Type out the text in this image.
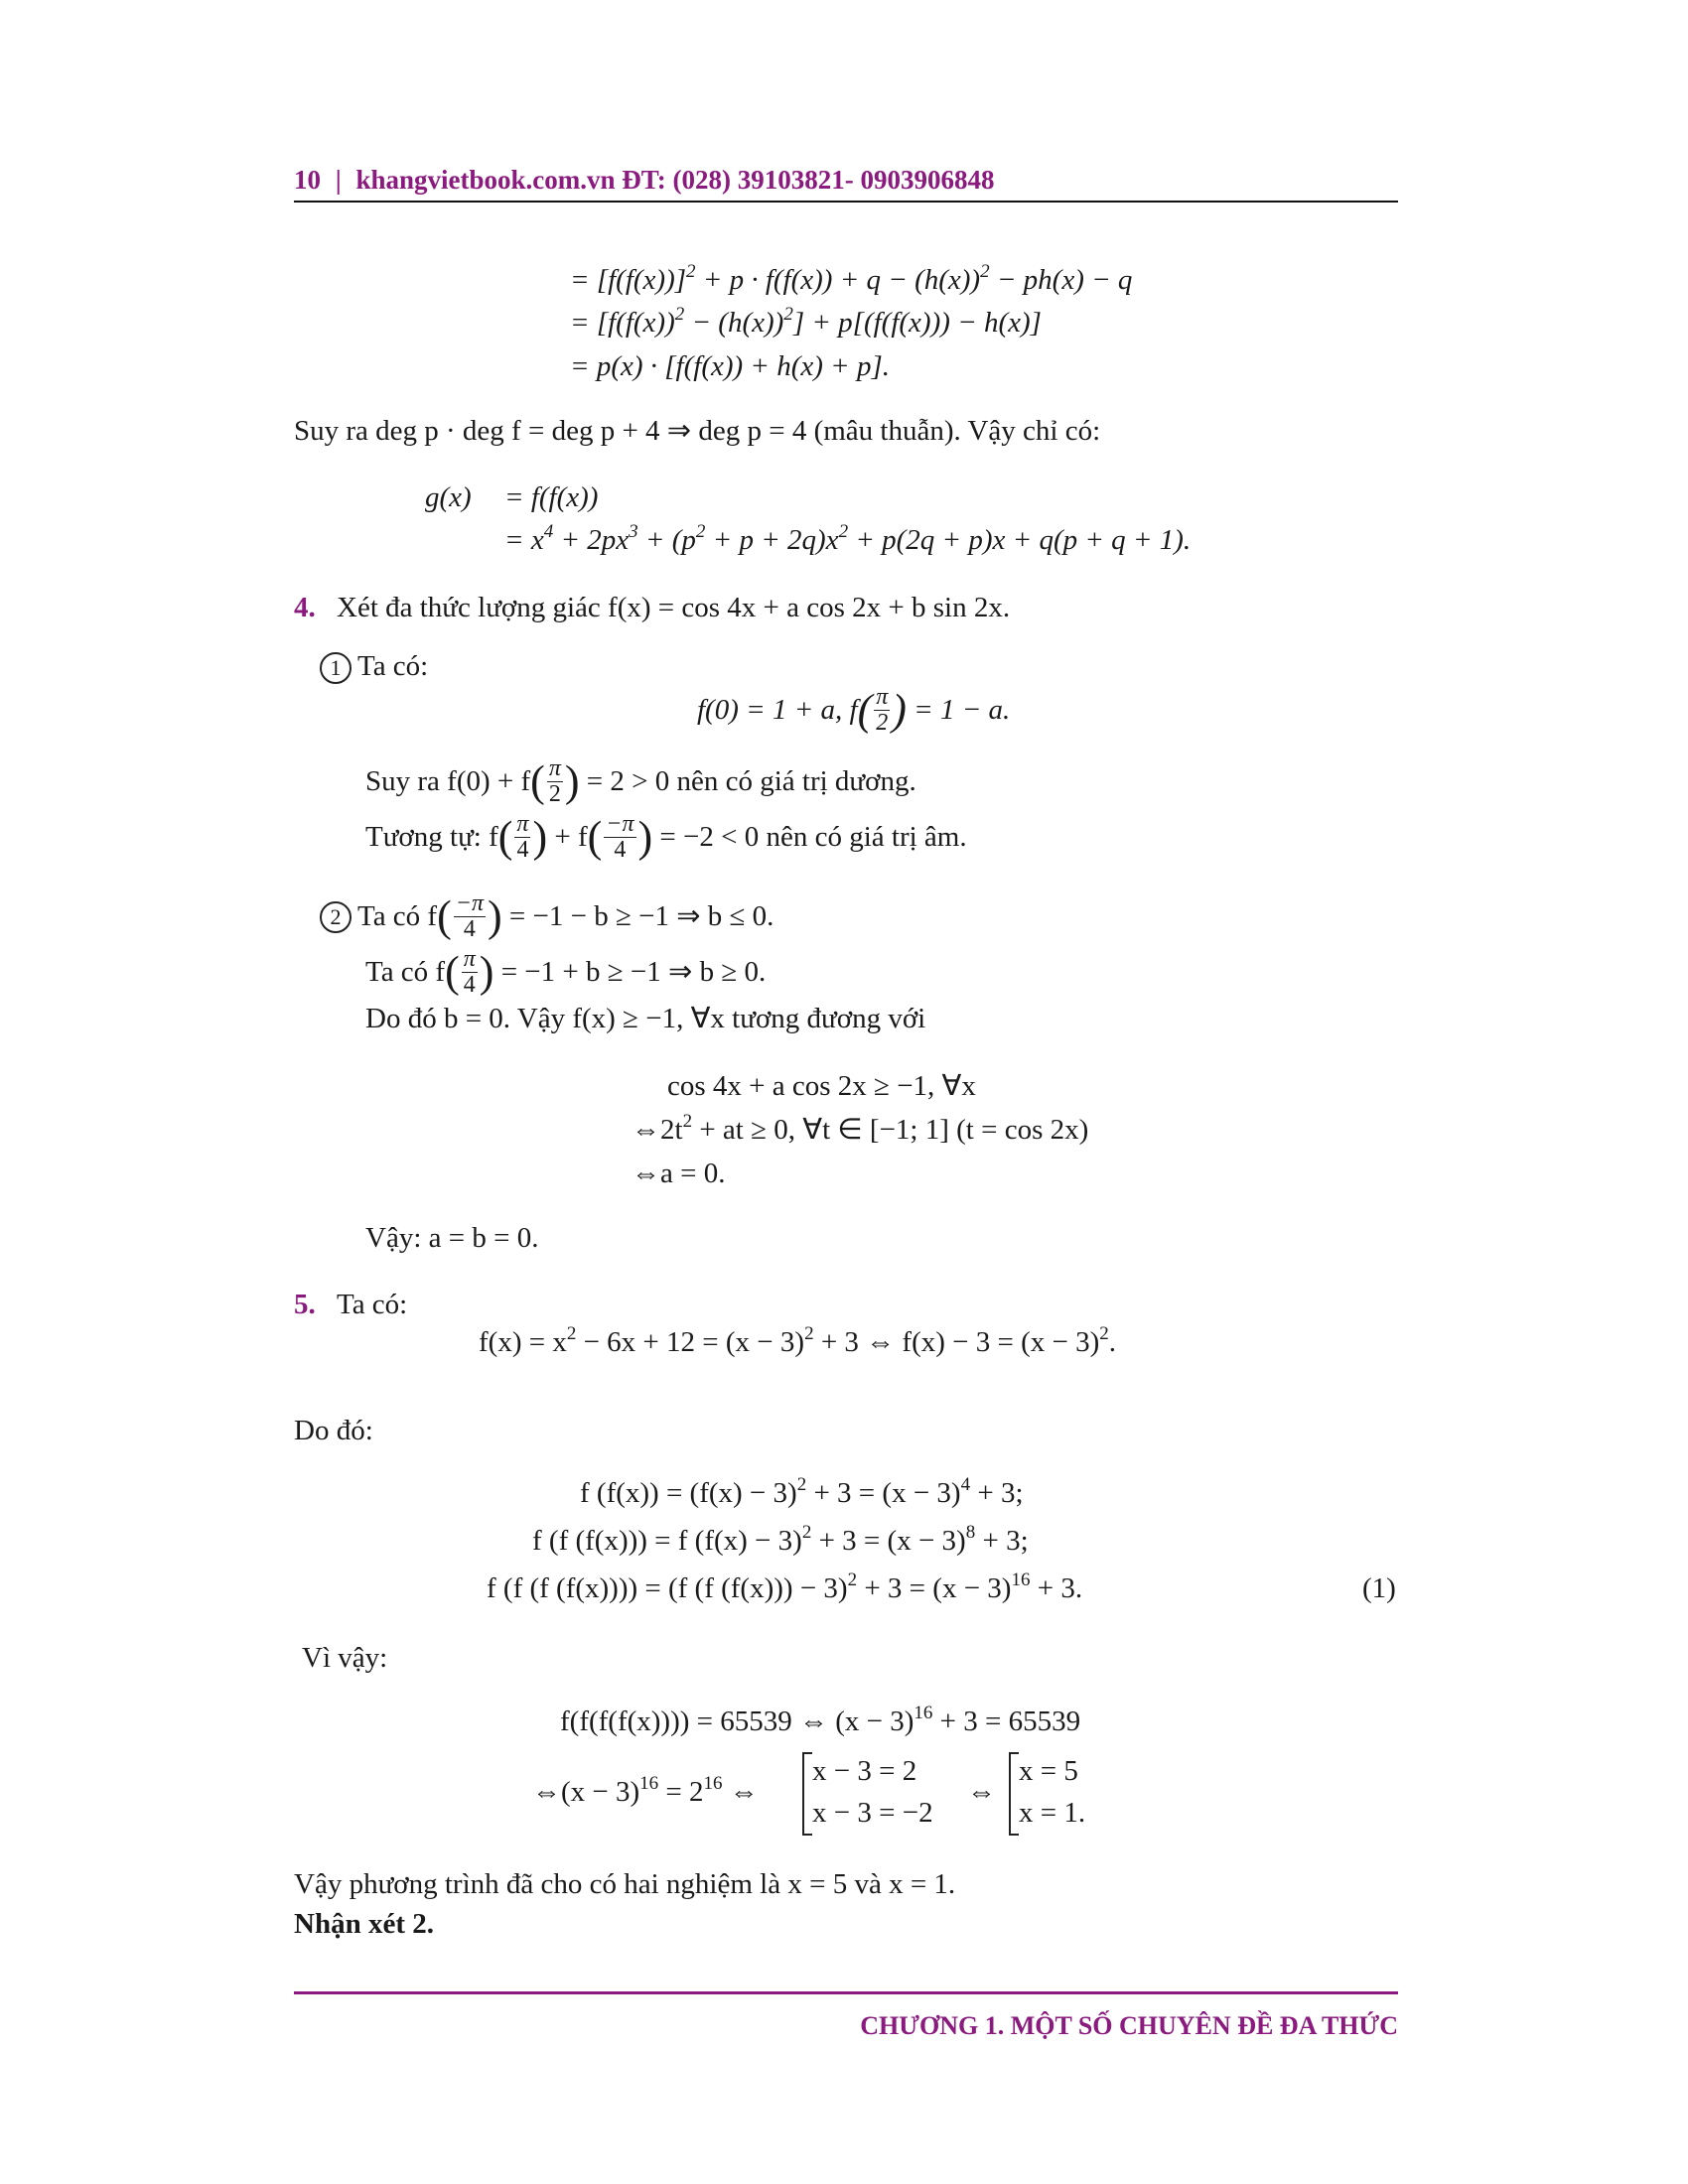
10 | khangvietbook.com.vn ĐT: (028) 39103821- 0903906848
= $[f(f(x))]^2 + p \cdot f(f(x)) + q - (h(x))^2 - ph(x) - q$
= $[f(f(x))^2 - (h(x))^2] + p[(f(f(x))) - h(x)]$
= p(x) · [f(f(x)) + h(x) + p].
Suy ra deg p · deg f = deg p + 4 ⇒ deg p = 4 (mâu thuẫn). Vậy chỉ có:
g(x) = f(f(x))
= $x^4 + 2px^3 + (p^2 + p + 2q)x^2 + p(2q + p)x + q(p + q + 1)$.
4. Xét đa thức lượng giác f(x) = cos 4x + a cos 2x + b sin 2x.
1 Ta có:
f(0) = 1 + a, $f( \frac{\pi}{2}$ ) = 1 − a.
Suy ra $f(0) + f( \frac{\pi}{2}$ ) = 2 > 0 nên có giá trị dương.
Tương tự: $f( \frac{\pi}{4}$ ) + $f( \frac{-\pi}{4}$ ) = −2 < 0 nên có giá trị âm.
2 Ta có $f( \frac{-\pi}{4}$ ) = −1 − b ≥ −1 ⇒ b ≤ 0.
Ta có $f( \frac{\pi}{4}$ ) = −1 + b ≥ −1 ⇒ b ≥ 0.
Do đó b = 0. Vậy f(x) ≥ −1, ∀x tương đương với
cos 4x + a cos 2x ≥ −1, ∀x
$\Leftrightarrow 2t^2$ + at ≥ 0, ∀t ∈ [−1; 1] (t = cos 2x)
⇔a = 0.
Vậy: a = b = 0.
5. Ta có:
$f(x) = x^2 - 6x + 12 = (x - 3)^2 + 3$ ⇔ $f(x) - 3 = (x - 3)^2$.
Do đó:
f $(f(x)) = (f(x) - 3)^2 + 3 = (x - 3)^4 + 3$;
f (f (f(x))) = f $(f(x) - 3)^2 + 3 = (x - 3)^8 + 3$;
f (f (f (f(x)))) = (f (f $(f(x))) - 3)^2 + 3 = (x - 3)^{16} + 3$.	(1)
Vì vậy:
f(f(f(f(x)))) = 65539 ⇔ $(x - 3)^{16} + 3 = 65539$
⇔(x − $3)^{16} = 2^{16}$ ⇔
x − 3 = 2
x − 3 = −2
⇔
x = 5
x = 1.
Vậy phương trình đã cho có hai nghiệm là x = 5 và x = 1.
Nhận xét 2.
CHƯƠNG 1. MỘT SỐ CHUYÊN ĐỀ ĐA THỨC
